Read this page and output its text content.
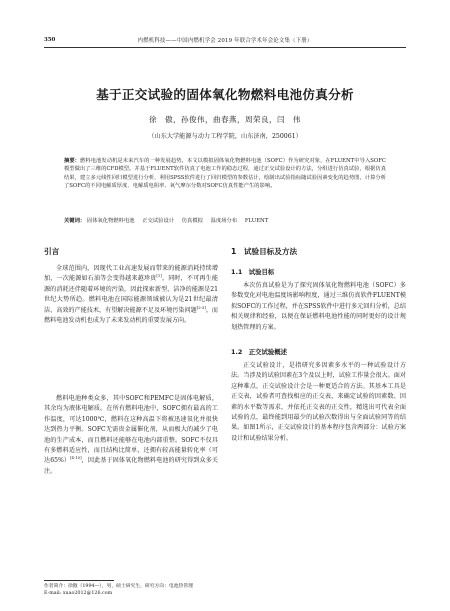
350	内燃机科技——中国内燃机学会 2019 年联合学术年会论文集（下册）
基于正交试验的固体氧化物燃料电池仿真分析
徐　傲，孙俊伟，曲春燕，周荣良，闫　伟
（山东大学能源与动力工程学院，山东济南，250061）
摘要：燃料电池发动机是未来汽车的一种发展趋势。本文以模拟固体氧化物燃料电池（SOFC）作为研究对象，在FLUENT中导入SOFC模型做出了三维的CFD模型。并基于FLUENT软件仿真了电池工作的稳态过程，通过正交试验设计的方法，分组进行仿真试验，根据仿真结果，建立多元线性回归模型进行分析，利用SPSS软件进行了回归模型的参数估计，绘制出试验指标随试验因素变化的趋势图，计算分析了SOFC的不同电解质厚度、电解质电阻率、氧气摩尔分数对SOFC仿真性能产生的影响。
关键词： 固体氧化物燃料电池 正交试验设计 仿真模拟 温度场分布 FLUENT
引言

全球范围内，因现代工业高速发展而带来的能源消耗持续增加，一次能源如石油等会变得越来越珍贵[1]。同时，不可再生能源的消耗还伴随着环境的污染，因此探索新型、洁净的能源是21世纪大势所趋。燃料电池在国际能源领域被认为是21世纪最清洁、高效的产能技术，有望解决能源不足及环境污染问题[2-3]。而燃料电池发动机也成为了未来发动机的重要发展方向。

燃料电池种类众多，其中SOFC和PEMFC是固体电解质，其余均为液体电解质。在所有燃料电池中，SOFC拥有最高的工作温度，可达1000℃，燃料在这种高温下将被迅速氧化并很快达到热力平衡。SOFC无需贵金属催化剂，从而极大的减少了电池的生产成本，而且燃料还能够在电池内部重整。SOFC不仅具有多燃料适应性，而且结构比简单，还拥有较高能量转化率（可达65%）[4-10]，因此基于固体氧化物燃料电池的研究得到众多关注。

1　试验目标及方法
1.1　试验目标

本次仿真试验是为了探究固体氧化物燃料电池（SOFC）多参数变化对电池温度场影响程度，通过三维仿真软件FLUENT模拟SOFC的工作过程，并在SPSS软件中进行多元回归分析，总结相关规律和经验，以便在保证燃料电池性能的同时更好的设计规划热管理的方案。

1.2　正交试验概述

正交试验设计，是指研究多因素多水平的一种试验设计方法。当涉及的试验因素在3个及以上时，试验工作量会很大。面对这种难点，正交试验设计会是一种更适合的方法。其基本工具是正交表，试验者可查找相应的正交表，来确定试验的因素数、因素的水平数等需求，并依托正交表的正交性，精选出可代表全面试验的点，最终能到用最少的试验次数得出与全面试验同等的结果。如图1所示，正交试验设计的基本程序包含两部分：试验方案设计和试验结果分析。

作者简介：徐傲（1994—），男，硕士研究生，研究方向：电池热管理
E-mail: xuao2012@126.com
